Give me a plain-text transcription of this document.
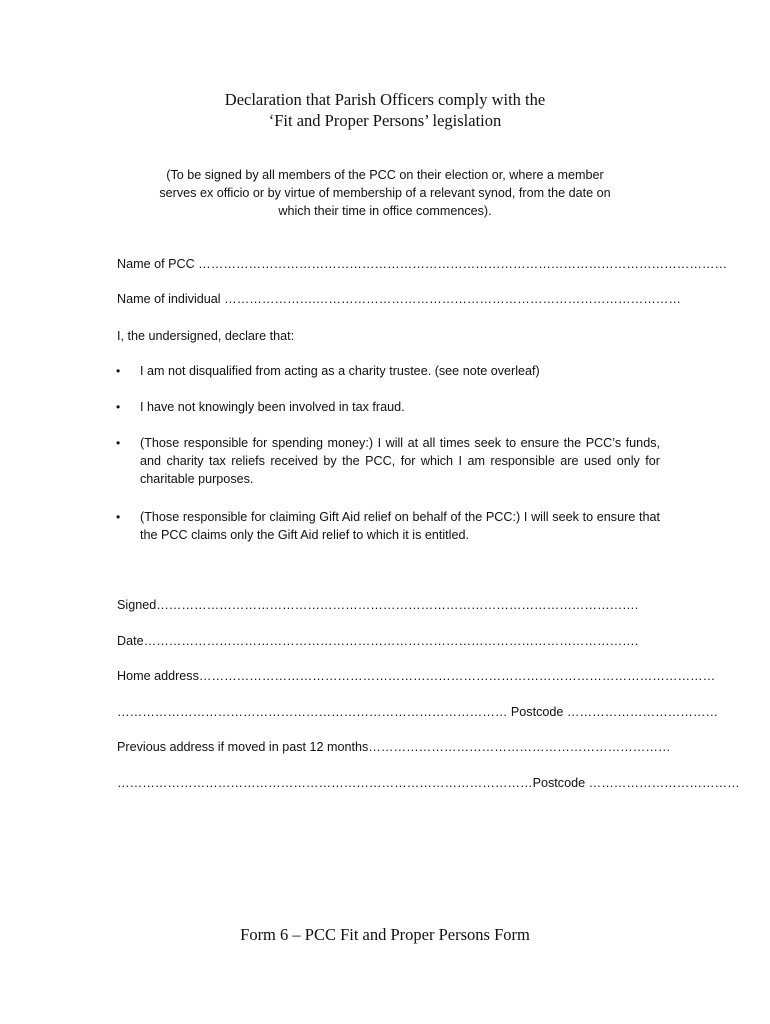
Declaration that Parish Officers comply with the
‘Fit and Proper Persons’ legislation
(To be signed by all members of the PCC on their election or, where a member
serves ex officio or by virtue of membership of a relevant synod, from the date on
which their time in office commences).
Name of PCC ………………………………………………………………………………………………………………
Name of individual ………………….……………………………………………………………………………
I, the undersigned, declare that:
• I am not disqualified from acting as a charity trustee. (see note overleaf)
• I have not knowingly been involved in tax fraud.
• (Those responsible for spending money:) I will at all times seek to ensure the PCC’s funds, and charity tax reliefs received by the PCC, for which I am responsible are used only for charitable purposes.
• (Those responsible for claiming Gift Aid relief on behalf of the PCC:) I will seek to ensure that the PCC claims only the Gift Aid relief to which it is entitled.
Signed…………………………………………………………………………………………………….
Date……………………………………………………………………………………………………….
Home address……………………………………………………………………………………………………………
………………………………………………………………………………… Postcode ………………………………
Previous address if moved in past 12 months………………………………………………………………
………………………………………………………………………………………Postcode ………………………………
Form 6 – PCC Fit and Proper Persons Form
